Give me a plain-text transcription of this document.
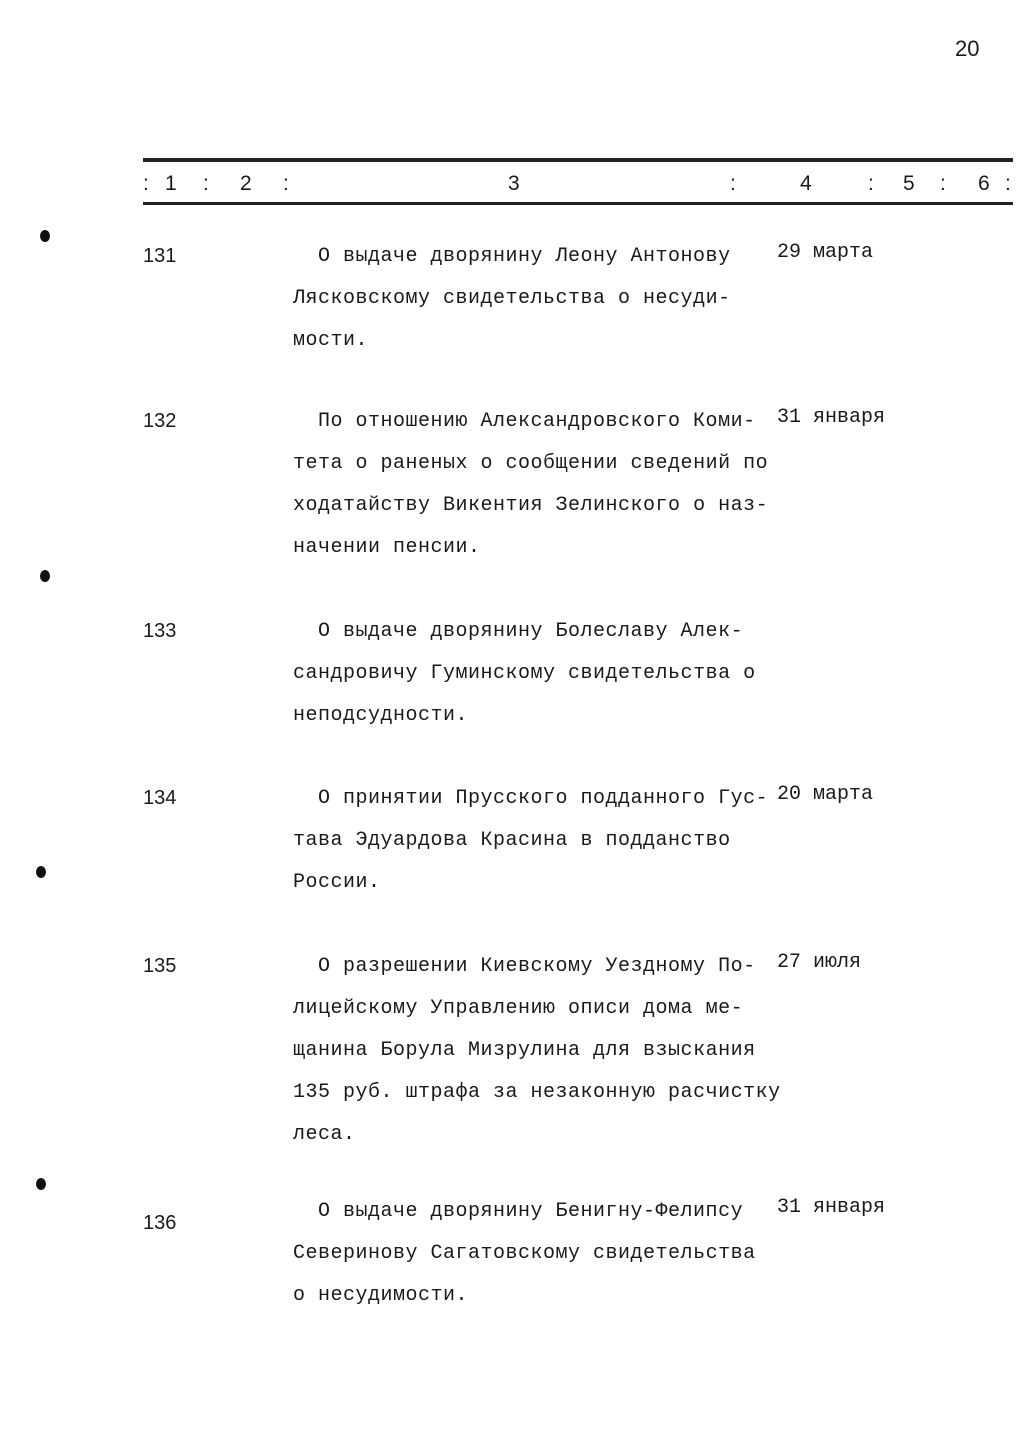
20
: 1 : 2 :	3	:	4	: 5 : 6 :
131	О выдаче дворянину Леону Антонову
Лясковскому свидетельства о несуди-
мости.
29 марта
132	По отношению Александровского Коми-
тета о раненых о сообщении сведений по
ходатайству Викентия Зелинского о наз-
начении пенсии.
31 января
133	О выдаче дворянину Болеславу Алек-
сандровичу Гуминскому свидетельства о
неподсудности.
134	О принятии Прусского подданного Гус-
тава Эдуардова Красина в подданство
России.
20 марта
135	О разрешении Киевскому Уездному По-
лицейскому Управлению описи дома ме-
щанина Борула Мизрулина для взыскания
135 руб. штрафа за незаконную расчистку
леса.
27 июля
136	О выдаче дворянину Бенигну-Фелипсу
Северинову Сагатовскому свидетельства
о несудимости.
31 января
